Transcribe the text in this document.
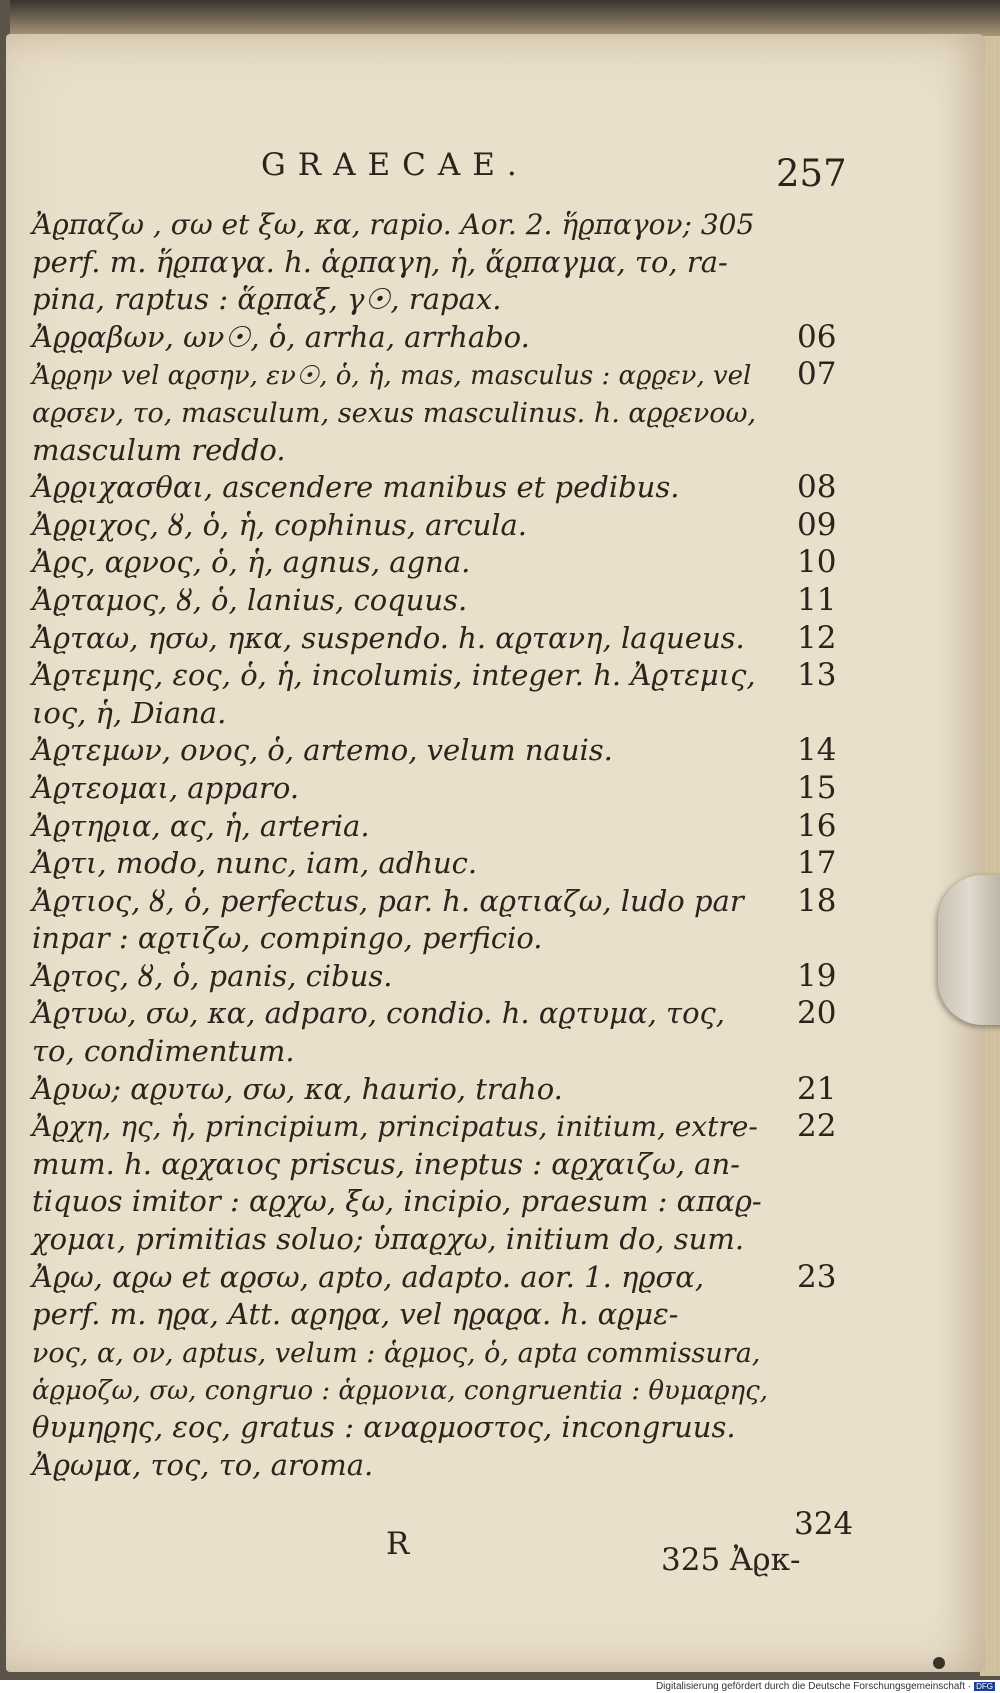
GRAECAE.	257
Ἀϱπαζω , σω et ξω, κα, rapio. Aor. 2. ἥϱπαγον; 305
perf. m. ἥϱπαγα. h. ἁϱπαγη, ἡ, ἅϱπαγμα, το, ra-
pina, raptus : ἅϱπαξ, γ☉, rapax.
Ἀϱϱαβων, ων☉, ὁ, arrha, arrhabo.	06
Ἀϱϱην vel αϱσην, εν☉, ὁ, ἡ, mas, masculus : αϱϱεν, vel 07
αϱσεν, το, masculum, sexus masculinus. h. αϱϱενοω,
masculum reddo.
Ἀϱϱιχασθαι, ascendere manibus et pedibus.	08
Ἀϱϱιχος, ȣ, ὁ, ἡ, cophinus, arcula.	09
Ἀϱς, αϱνος, ὁ, ἡ, agnus, agna.	10
Ἀϱταμος, ȣ, ὁ, lanius, coquus.	11
Ἀϱταω, ησω, ηκα, suspendo. h. αϱτανη, laqueus. 12
Ἀϱτεμης, εος, ὁ, ἡ, incolumis, integer. h. Ἀϱτεμις, 13
ιος, ἡ, Diana.
Ἀϱτεμων, ονος, ὁ, artemo, velum nauis.	14
Ἀϱτεομαι, apparo.	15
Ἀϱτηϱια, ας, ἡ, arteria.	16
Ἀϱτι, modo, nunc, iam, adhuc.	17
Ἀϱτιος, ȣ, ὁ, perfectus, par. h. αϱτιαζω, ludo par 18
inpar : αϱτιζω, compingo, perficio.
Ἀϱτος, ȣ, ὁ, panis, cibus.	19
Ἀϱτυω, σω, κα, adparo, condio. h. αϱτυμα, τος, 20
το, condimentum.
Ἀϱυω; αϱυτω, σω, κα, haurio, traho.	21
Ἀϱχη, ης, ἡ, principium, principatus, initium, extre- 22
mum. h. αϱχαιος priscus, ineptus : αϱχαιζω, an-
tiquos imitor : αϱχω, ξω, incipio, praesum : απαϱ-
χομαι, primitias soluo; ὑπαϱχω, initium do, sum.
Ἀϱω, αϱω et αϱσω, apto, adapto. aor. 1. ηϱσα,	23
perf. m. ηϱα, Att. αϱηϱα, vel ηϱαϱα. h. αϱμε-
νος, α, ον, aptus, velum : ἁϱμος, ὁ, apta commissura,
ἁϱμοζω, σω, congruo : ἁϱμονια, congruentia : θυμαϱης,
θυμηϱης, εος, gratus : αναϱμοστος, incongruus.
Ἀϱωμα, τος, το, aroma.
324
R	325 Ἀϱκ-
Digitalisierung gefördert durch die Deutsche Forschungsgemeinschaft · DFG
